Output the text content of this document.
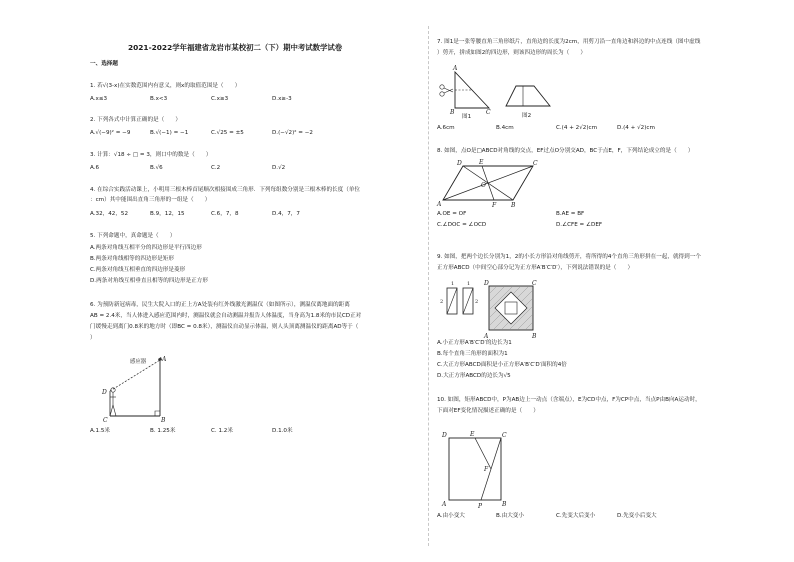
2021-2022学年福建省龙岩市某校初二（下）期中考试数学试卷
一、选择题
1. 若√(3-x)在实数范围内有意义，则x的取值范围是（　　）
A.x≤3	B.x<3	C.x≥3	D.x≥-3
2. 下列各式中计算正确的是（　　）
A.√(−9)² = −9	B.√(−1) = −1	C.√25 = ±5	D.(−√2)² = −2
3. 计算：√18 ÷ □ = 3，则口中的数是（　　）
A.6	B.√6	C.2	D.√2
4. 在综合实践活动课上，小明用三根木棒首尾顺次相接围成三角形．下列每组数分别是三根木棒的长度（单位
：cm）其中能围出直角三角形的一组是（　　）
A.32，42，52	B.9，12，15	C.6，7，8	D.4，7，7
5. 下列命题中，真命题是（　　）
A.两条对角线互相平分的四边形是平行四边形
B.两条对角线相等的四边形是矩形
C.两条对角线互相垂直的四边形是菱形
D.两条对角线互相垂直且相等的四边形是正方形
6. 为预防新冠病毒，民生大院入口的正上方A处装有红外线激光测温仪（如图所示），测温仪离地面的距离
AB = 2.4米，当人体进入感应范围内时，测温仪就会自动测温并报告人体温度，当身高为1.8米的市民CD正对
门缓慢走到离门0.8米的地方时（即BC = 0.8米），测温仪自动显示体温，则人头顶离测温仪的距离AD等于（
）
感应器	A
B
C
D
A.1.5米	B. 1.25米	C. 1.2米	D.1.0米
7. 图1是一张等腰直角三角形纸片，直角边的长度为2cm，用剪刀沿一直角边和斜边的中点连线（图中虚线
）剪开，拼成如图2的四边形，则该四边形的周长为（　　）
A
B	C
图1	图2
A.6cm	B.4cm	C.(4 + 2√2)cm	D.(4 + √2)cm
8. 如图，点O是□ABCD对角线的交点，EF过点O分别交AD，BC于点E，F，下列结论成立的是（　　）
A	B
C
D	E
F
O
A.OE = OF	B.AE = BF
C.∠DOC = ∠OCD	D.∠CFE = ∠DEF
9. 如图，把两个边长分别为1，2的小长方形沿对角线剪开，将所得的4个直角三角形拼在一起，就得到一个
正方形ABCD（中间空心部分记为正方形A′B′C′D′），下列说法错误的是（　　）
1
2
1
2
A	B
C
D
A.小正方形A′B′C′D′的边长为1
B.每个直角三角形的面积为1
C.大正方形ABCD面积是小正方形A′B′C′D′面积的4倍
D.大正方形ABCD的边长为√5
10. 如图，矩形ABCD中，P为AB边上一动点（含端点），E为CD中点，F为CP中点，当点P由B向A运动时，
下面对EF变化情况描述正确的是（　　）
A	B
C
D	E
F
P
A.由小变大	B.由大变小	C.先变大后变小	D.先变小后变大
